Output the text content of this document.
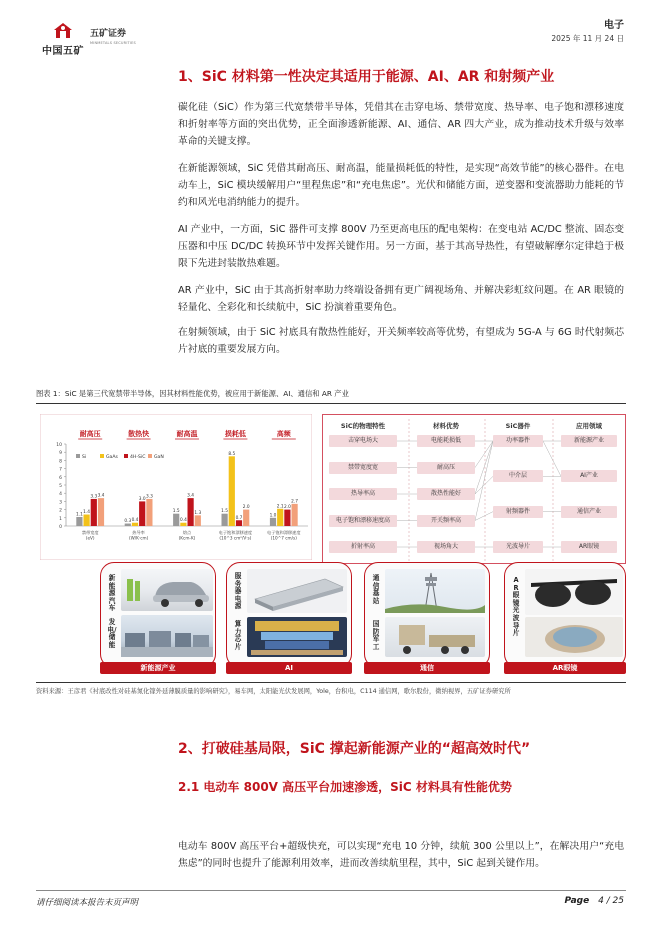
中国五矿
五矿证券
MINMETALS SECURITIES
电子
2025 年 11 月 24 日
1、SiC 材料第一性决定其适用于能源、AI、AR 和射频产业

碳化硅（SiC）作为第三代宽禁带半导体，凭借其在击穿电场、禁带宽度、热导率、电子饱和漂移速度和折射率等方面的突出优势，正全面渗透新能源、AI、通信、AR 四大产业，成为推动技术升级与效率革命的关键支撑。

在新能源领域，SiC 凭借其耐高压、耐高温，能量损耗低的特性，是实现“高效节能”的核心器件。在电动车上，SiC 模块缓解用户“里程焦虑”和“充电焦虑”。光伏和储能方面，逆变器和变流器助力能耗的节约和风光电消纳能力的提升。

AI 产业中，一方面，SiC 器件可支撑 800V 乃至更高电压的配电架构：在变电站 AC/DC 整流、固态变压器和中压 DC/DC 转换环节中发挥关键作用。另一方面，基于其高导热性，有望破解摩尔定律趋于极限下先进封装散热难题。

AR 产业中，SiC 由于其高折射率助力终端设备拥有更广阔视场角、并解决彩虹纹问题。在 AR 眼镜的轻量化、全彩化和长续航中，SiC 扮演着重要角色。

在射频领域，由于 SiC 衬底具有散热性能好，开关频率较高等优势，有望成为 5G-A 与 6G 时代射频芯片衬底的重要发展方向。

图表 1：SiC 是第三代宽禁带半导体，因其材料性能优势，被应用于新能源、AI、通信和 AR 产业
0
1
2
3
4
5
6
7
8
9
10
耐高压
1.1 1.4
3.3 3.4
禁带宽度
(eV)
散热快
0.3 0.4
3.0 3.3
热导率
(W/K·cm)
耐高温
1.5
0.4
3.4
1.3
熔点
(Kcm-K)
损耗低
1.5
8.5
0.7
2.0
电子饱和漂移速度
(10^3 cm²/V·s)
高频
1.0
2.1 2.0
2.7
电子饱和漂移速度
(10^7 cm/s)
Si	GaAs	4H-SiC GaN
SiC的物理特性	材料优势	SiC器件	应用领域
击穿电场大
禁带宽度宽
热导率高
电子饱和漂移速度高
折射率高
电能耗损低
耐高压
散热性能好
开关频率高
视场角大
功率器件
中介层
射频器件
光波导片
新能源产业
AI产业
通信产业
AR眼镜
新能源汽车
发电/储能
新能源产业
服务器电源
算力芯片
AI
通信基站
国防军工
通信
AR眼镜光波导片
AR眼镜
资料来源：王彦君《衬底改性对硅基氮化镓外延薄膜质量的影响研究》，易车网，太阳能光伏发展网，Yole，台积电，C114 通信网，歌尔股份，微纳视界，五矿证券研究所
2、打破硅基局限，SiC 撑起新能源产业的“超高效时代”
2.1 电动车 800V 高压平台加速渗透，SiC 材料具有性能优势

电动车 800V 高压平台+超级快充，可以实现“充电 10 分钟，续航 300 公里以上”，在解决用户“充电焦虑”的同时也提升了能源利用效率，进而改善续航里程，其中，SiC 起到关键作用。

请仔细阅读本报告末页声明	Page 4 / 25
